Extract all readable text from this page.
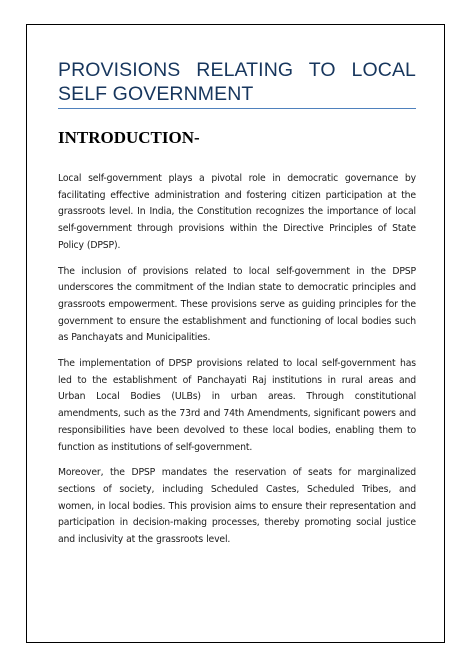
PROVISIONS RELATING TO LOCAL SELF GOVERNMENT
INTRODUCTION-

Local self-government plays a pivotal role in democratic governance by facilitating effective administration and fostering citizen participation at the grassroots level. In India, the Constitution recognizes the importance of local self-government through provisions within the Directive Principles of State Policy (DPSP).

The inclusion of provisions related to local self-government in the DPSP underscores the commitment of the Indian state to democratic principles and grassroots empowerment. These provisions serve as guiding principles for the government to ensure the establishment and functioning of local bodies such as Panchayats and Municipalities.

The implementation of DPSP provisions related to local self-government has led to the establishment of Panchayati Raj institutions in rural areas and Urban Local Bodies (ULBs) in urban areas. Through constitutional amendments, such as the 73rd and 74th Amendments, significant powers and responsibilities have been devolved to these local bodies, enabling them to function as institutions of self-government.

Moreover, the DPSP mandates the reservation of seats for marginalized sections of society, including Scheduled Castes, Scheduled Tribes, and women, in local bodies. This provision aims to ensure their representation and participation in decision-making processes, thereby promoting social justice and inclusivity at the grassroots level.
